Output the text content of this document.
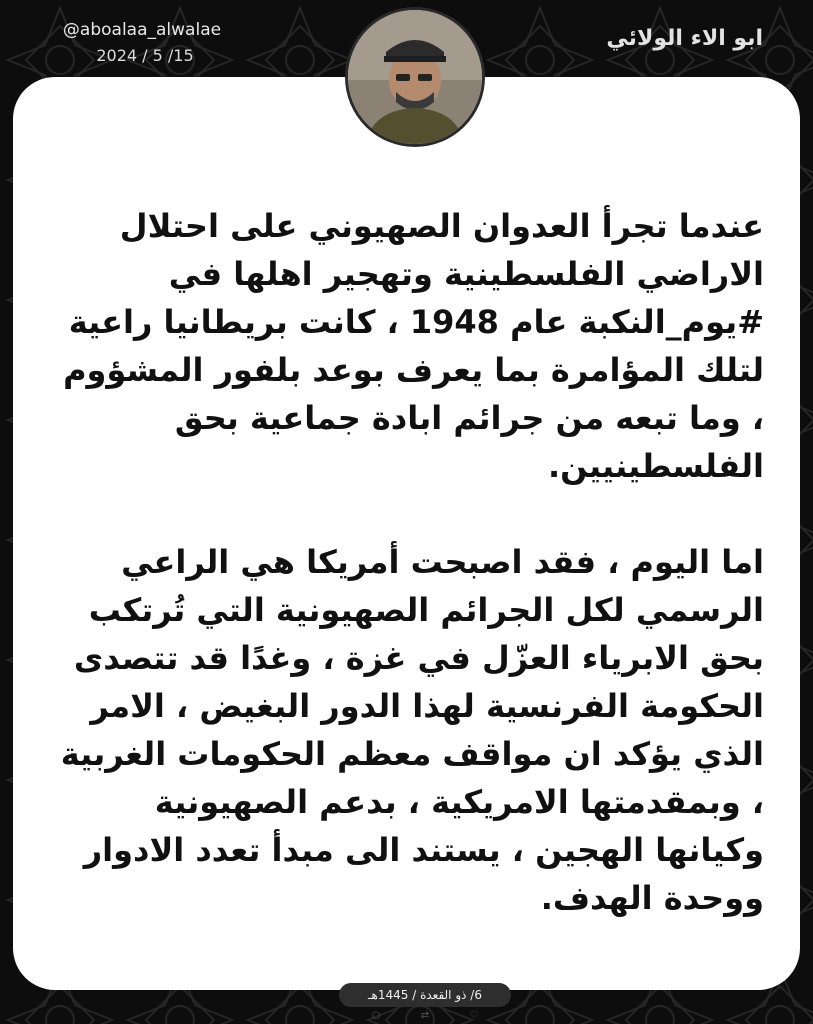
@aboalaa_alwalae
2024 / 5 /15
ابو الاء الولائي

عندما تجرأ العدوان الصهيوني على احتلال الاراضي الفلسطينية وتهجير اهلها في #يوم_النكبة عام 1948 ، كانت بريطانيا راعية لتلك المؤامرة بما يعرف بوعد بلفور المشؤوم ، وما تبعه من جرائم ابادة جماعية بحق الفلسطينيين.

اما اليوم ، فقد اصبحت أمريكا هي الراعي الرسمي لكل الجرائم الصهيونية التي تُرتكب بحق الابرياء العزّل في غزة ، وغدًا قد تتصدى الحكومة الفرنسية لهذا الدور البغيض ، الامر الذي يؤكد ان مواقف معظم الحكومات الغربية ، وبمقدمتها الامريكية ، بدعم الصهيونية وكيانها الهجين ، يستند الى مبدأ تعدد الادوار ووحدة الهدف.

6/ ذو القعدة / 1445هـ
○	⇄	♡
